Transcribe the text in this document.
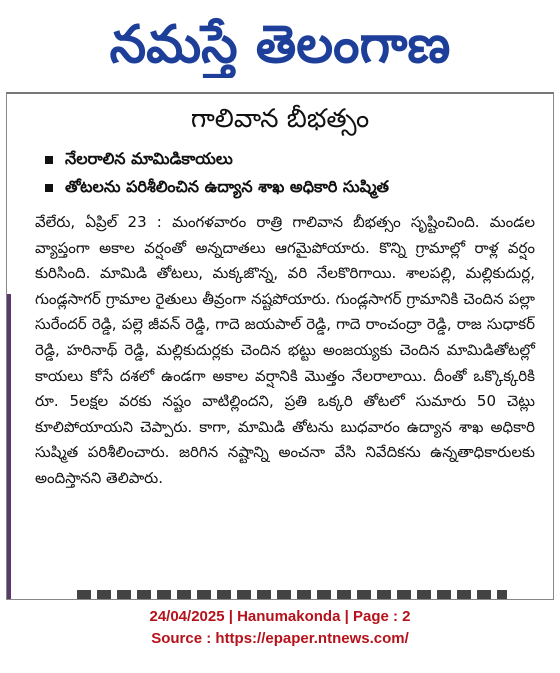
నమస్తే తెలంగాణ
గాలివాన బీభత్సం
నేలరాలిన మామిడికాయలు
తోటలను పరిశీలించిన ఉద్యాన శాఖ అధికారి సుష్మిత
వేలేరు, ఏప్రిల్ 23 : మంగళవారం రాత్రి గాలివాన బీభత్సం సృష్టించింది. మండల వ్యాప్తంగా అకాల వర్షంతో అన్నదాతలు ఆగమైపోయారు. కొన్ని గ్రామాల్లో రాళ్ల వర్షం కురిసింది. మామిడి తోటలు, మక్కజొన్న, వరి నేలకొరిగాయి. శాలపల్లి, మల్లికుదుర్ల, గుండ్లసాగర్ గ్రామాల రైతులు తీవ్రంగా నష్టపోయారు. గుండ్లసాగర్ గ్రామానికి చెందిన పల్లా సురేందర్ రెడ్డి, పల్లె జీవన్ రెడ్డి, గాదె జయపాల్ రెడ్డి, గాదె రాంచంద్రా రెడ్డి, రాజ సుధాకర్ రెడ్డి, హరినాథ్ రెడ్డి, మల్లికుదుర్లకు చెందిన భట్టు అంజయ్యకు చెందిన మామిడితోటల్లో కాయలు కోసే దశలో ఉండగా అకాల వర్షానికి మొత్తం నేలరాలాయి. దీంతో ఒక్కొక్కరికి రూ. 5లక్షల వరకు నష్టం వాటిల్లిందని, ప్రతి ఒక్కరి తోటలో సుమారు 50 చెట్లు కూలిపోయాయని చెప్పారు. కాగా, మామిడి తోటను బుధవారం ఉద్యాన శాఖ అధికారి సుష్మిత పరిశీలించారు. జరిగిన నష్టాన్ని అంచనా వేసి నివేదికను ఉన్నతాధికారులకు అందిస్తానని తెలిపారు.
24/04/2025 | Hanumakonda | Page : 2
Source : https://epaper.ntnews.com/
